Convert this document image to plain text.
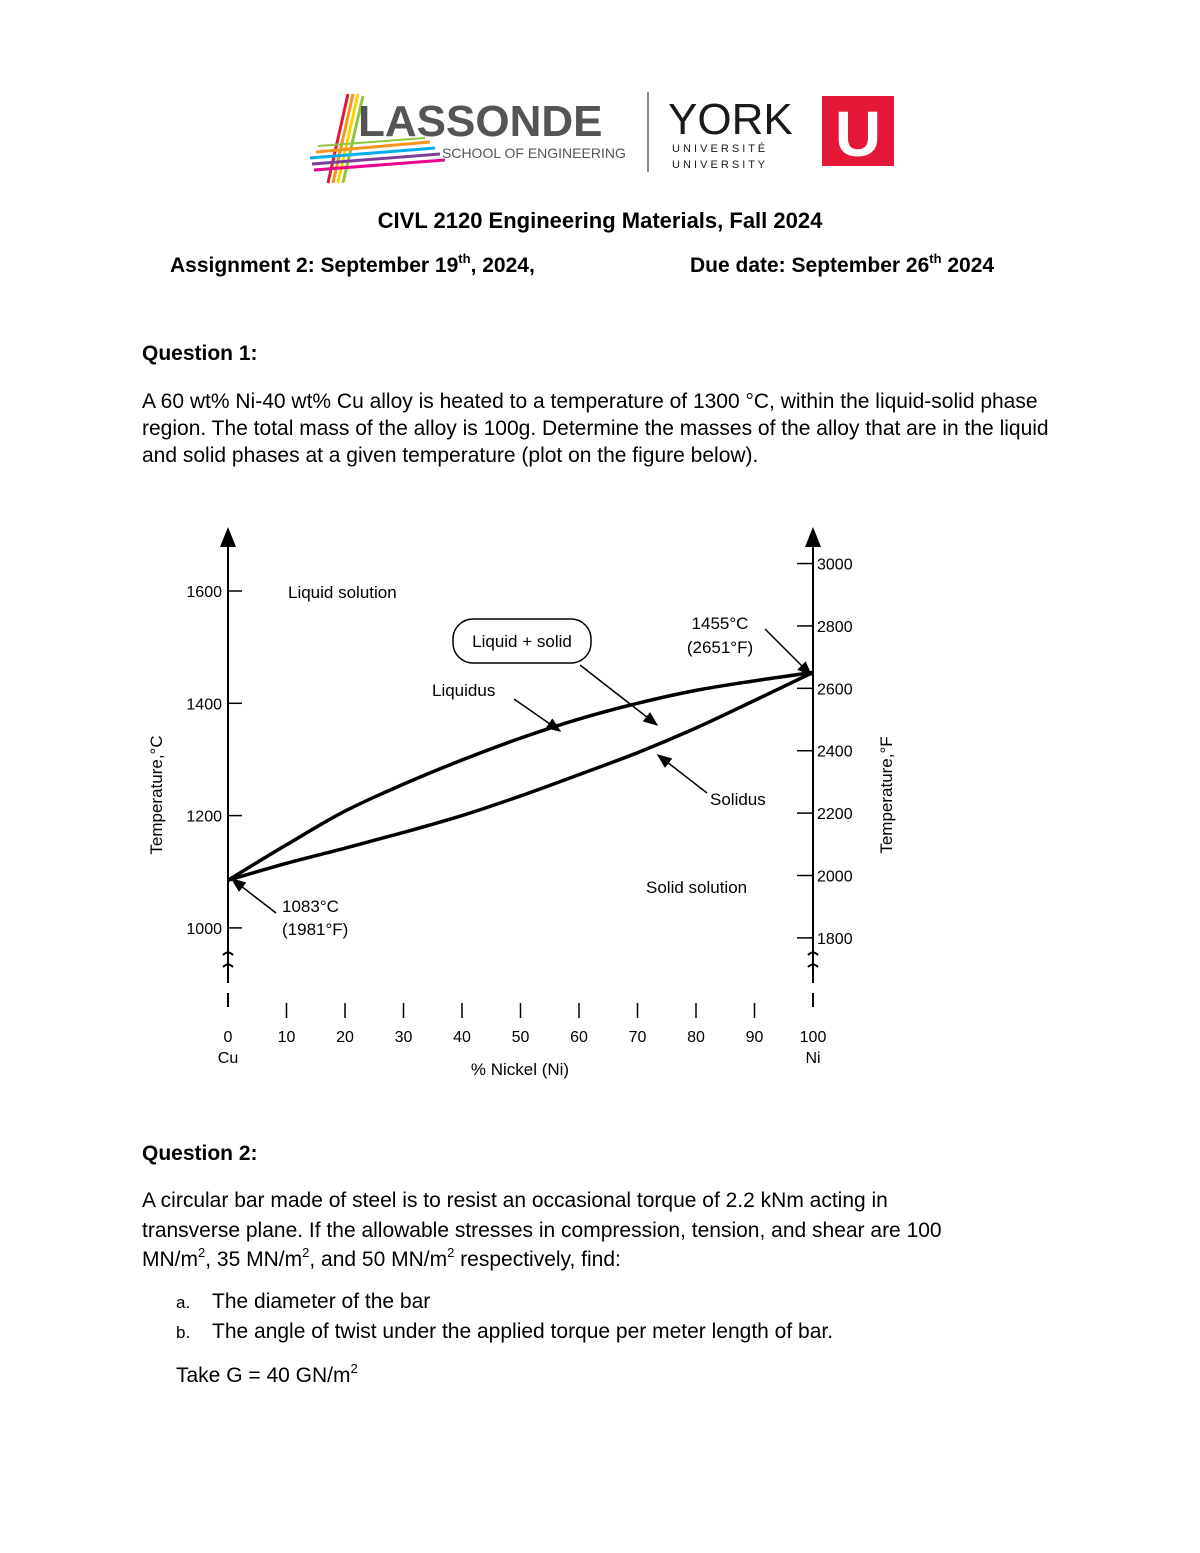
LASSONDE
SCHOOL OF ENGINEERING
YORK
U N I V E R S I T É
U N I V E R S I T Y U
CIVL 2120 Engineering Materials, Fall 2024
Assignment 2: September 19th, 2024,	Due date: September 26th 2024
Question 1:
A 60 wt% Ni-40 wt% Cu alloy is heated to a temperature of 1300 °C, within the liquid-solid phase region. The total mass of the alloy is 100g. Determine the masses of the alloy that are in the liquid and solid phases at a given temperature (plot on the figure below).
1000
1200
1400
1600
1800
2000
2200
2400
2600
2800
3000
0	10	20	30	40	50	60	70	80	90 100
Cu	Ni
% Nickel (Ni)
Temperature,°C	Temperature,°F
Liquid solution
Liquid + solid
Liquidus
Solidus
Solid solution
1455°C
(2651°F)
1083°C
(1981°F)
Question 2:
A circular bar made of steel is to resist an occasional torque of 2.2 kNm acting in
transverse plane. If the allowable stresses in compression, tension, and shear are 100
$MN/m^2$, 35 $MN/m^2$, and 50 $MN/m^2$ respectively, find:
a. The diameter of the bar
b. The angle of twist under the applied torque per meter length of bar.
Take G = 40 $GN/m^2$
